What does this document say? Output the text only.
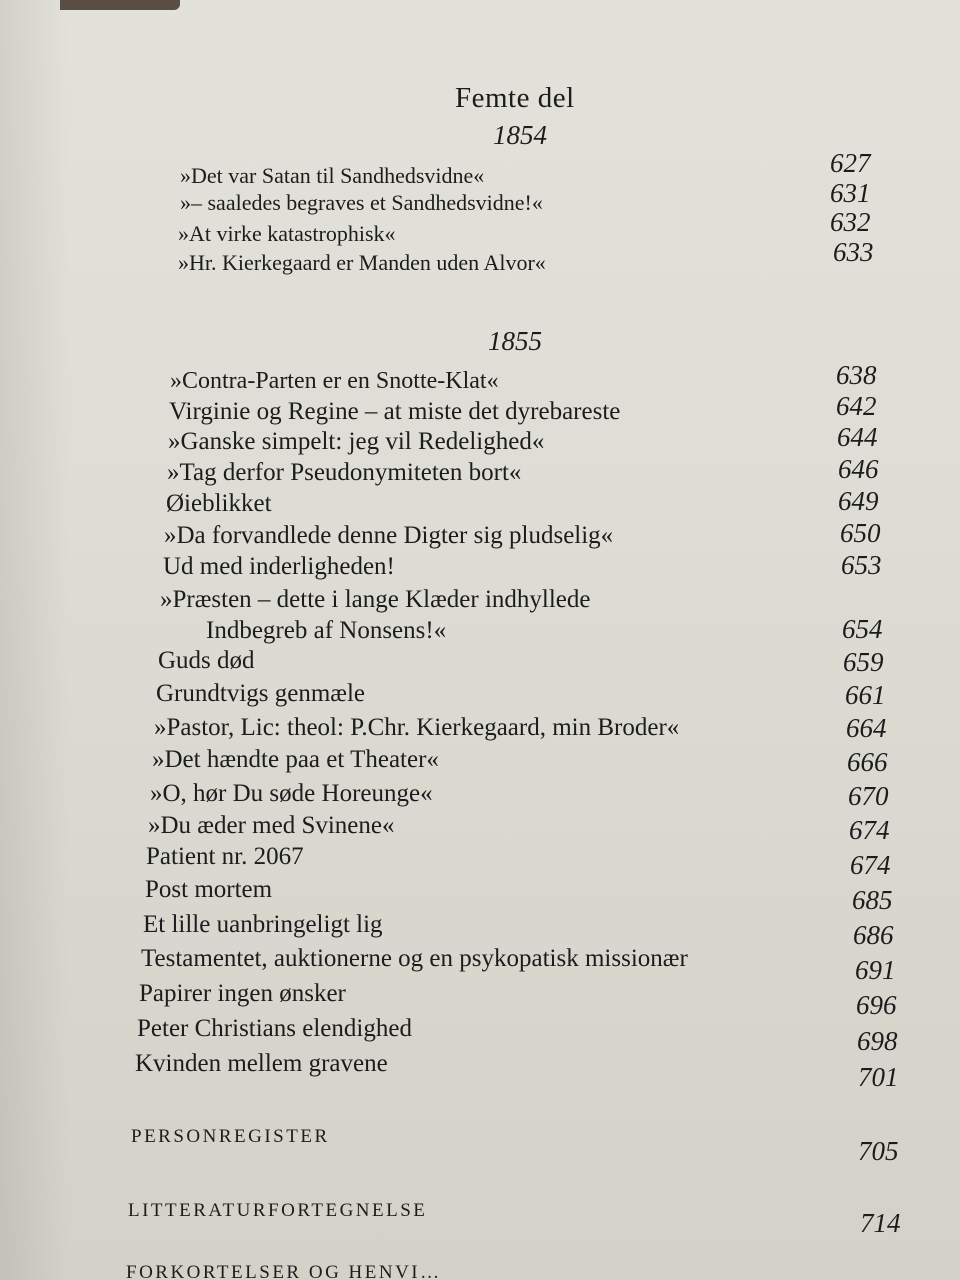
Femte del
1854
»Det var Satan til Sandhedsvidne«	627
»– saaledes begraves et Sandhedsvidne!«	631
»At virke katastrophisk«	632
»Hr. Kierkegaard er Manden uden Alvor«	633
1855
»Contra-Parten er en Snotte-Klat«	638
Virginie og Regine – at miste det dyrebareste	642
»Ganske simpelt: jeg vil Redelighed«	644
»Tag derfor Pseudonymiteten bort«	646
Øieblikket	649
»Da forvandlede denne Digter sig pludselig«	650
Ud med inderligheden!	653
»Præsten – dette i lange Klæder indhyllede
Indbegreb af Nonsens!«	654
Guds død	659
Grundtvigs genmæle	661
»Pastor, Lic: theol: P.Chr. Kierkegaard, min Broder«	664
»Det hændte paa et Theater«	666
»O, hør Du søde Horeunge«	670
»Du æder med Svinene«	674
Patient nr. 2067	674
Post mortem	685
Et lille uanbringeligt lig	686
Testamentet, auktionerne og en psykopatisk missionær	691
Papirer ingen ønsker	696
Peter Christians elendighed	698
Kvinden mellem gravene	701
PERSONREGISTER	705
LITTERATURFORTEGNELSE	714
FORKORTELSER OG HENVI…
